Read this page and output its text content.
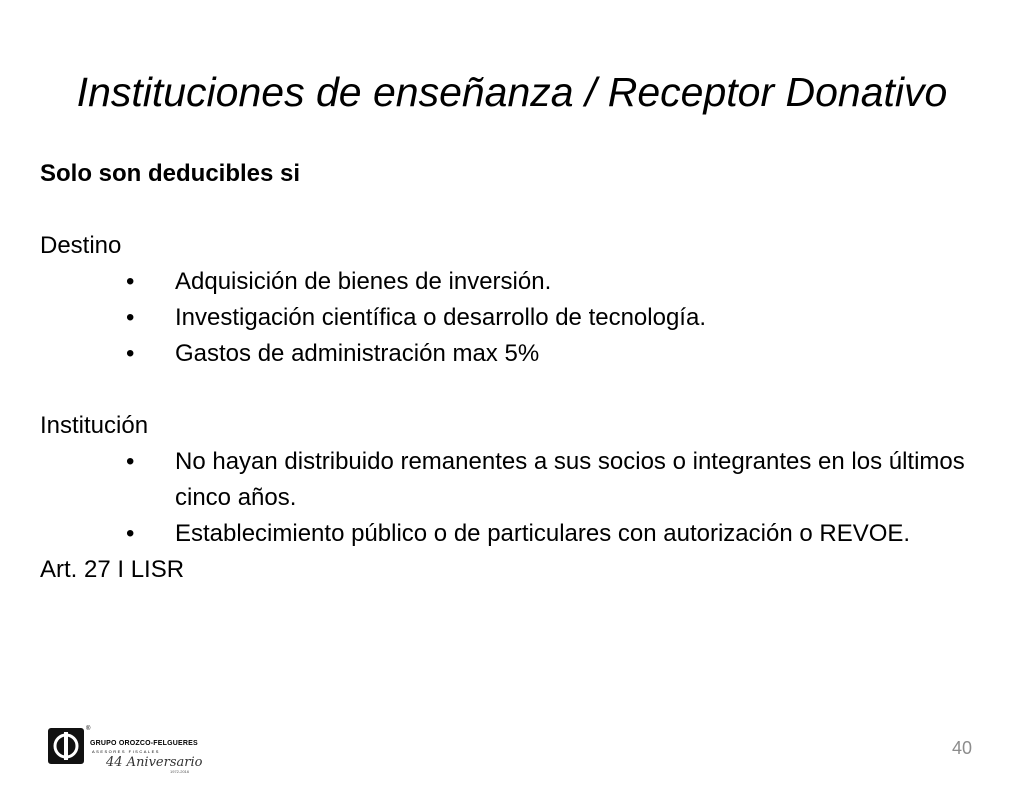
Instituciones de enseñanza / Receptor Donativo

Solo son deducibles si

Destino

• Adquisición de bienes de inversión.
• Investigación científica o desarrollo de tecnología.
• Gastos de administración max 5%

Institución

• No hayan distribuido remanentes a sus socios o integrantes en los últimos cinco años.
• Establecimiento público o de particulares con autorización o REVOE.

Art. 27 I LISR

®
GRUPO OROZCO-FELGUERES
ASESORES FISCALES
44 Aniversario
1972-2016
40
